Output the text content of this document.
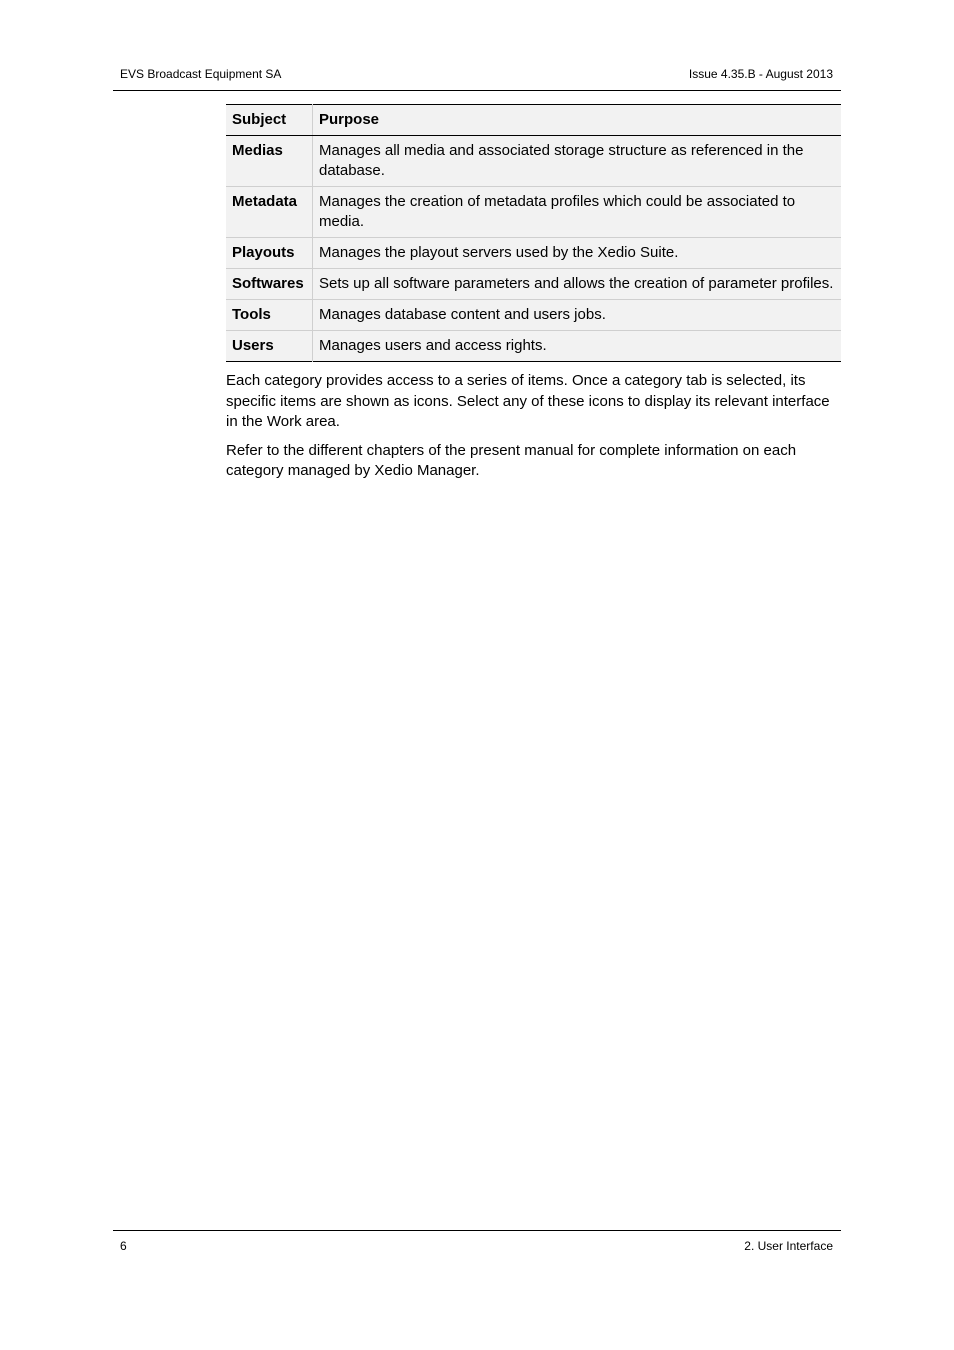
EVS Broadcast Equipment SA	Issue 4.35.B - August 2013
Subject	Purpose
Medias	Manages all media and associated storage structure as referenced in the database.
Metadata	Manages the creation of metadata profiles which could be associated to media.
Playouts	Manages the playout servers used by the Xedio Suite.
Softwares	Sets up all software parameters and allows the creation of parameter profiles.
Tools	Manages database content and users jobs.
Users	Manages users and access rights.

Each category provides access to a series of items. Once a category tab is selected, its specific items are shown as icons. Select any of these icons to display its relevant interface in the Work area.

Refer to the different chapters of the present manual for complete information on each category managed by Xedio Manager.

6	2. User Interface
